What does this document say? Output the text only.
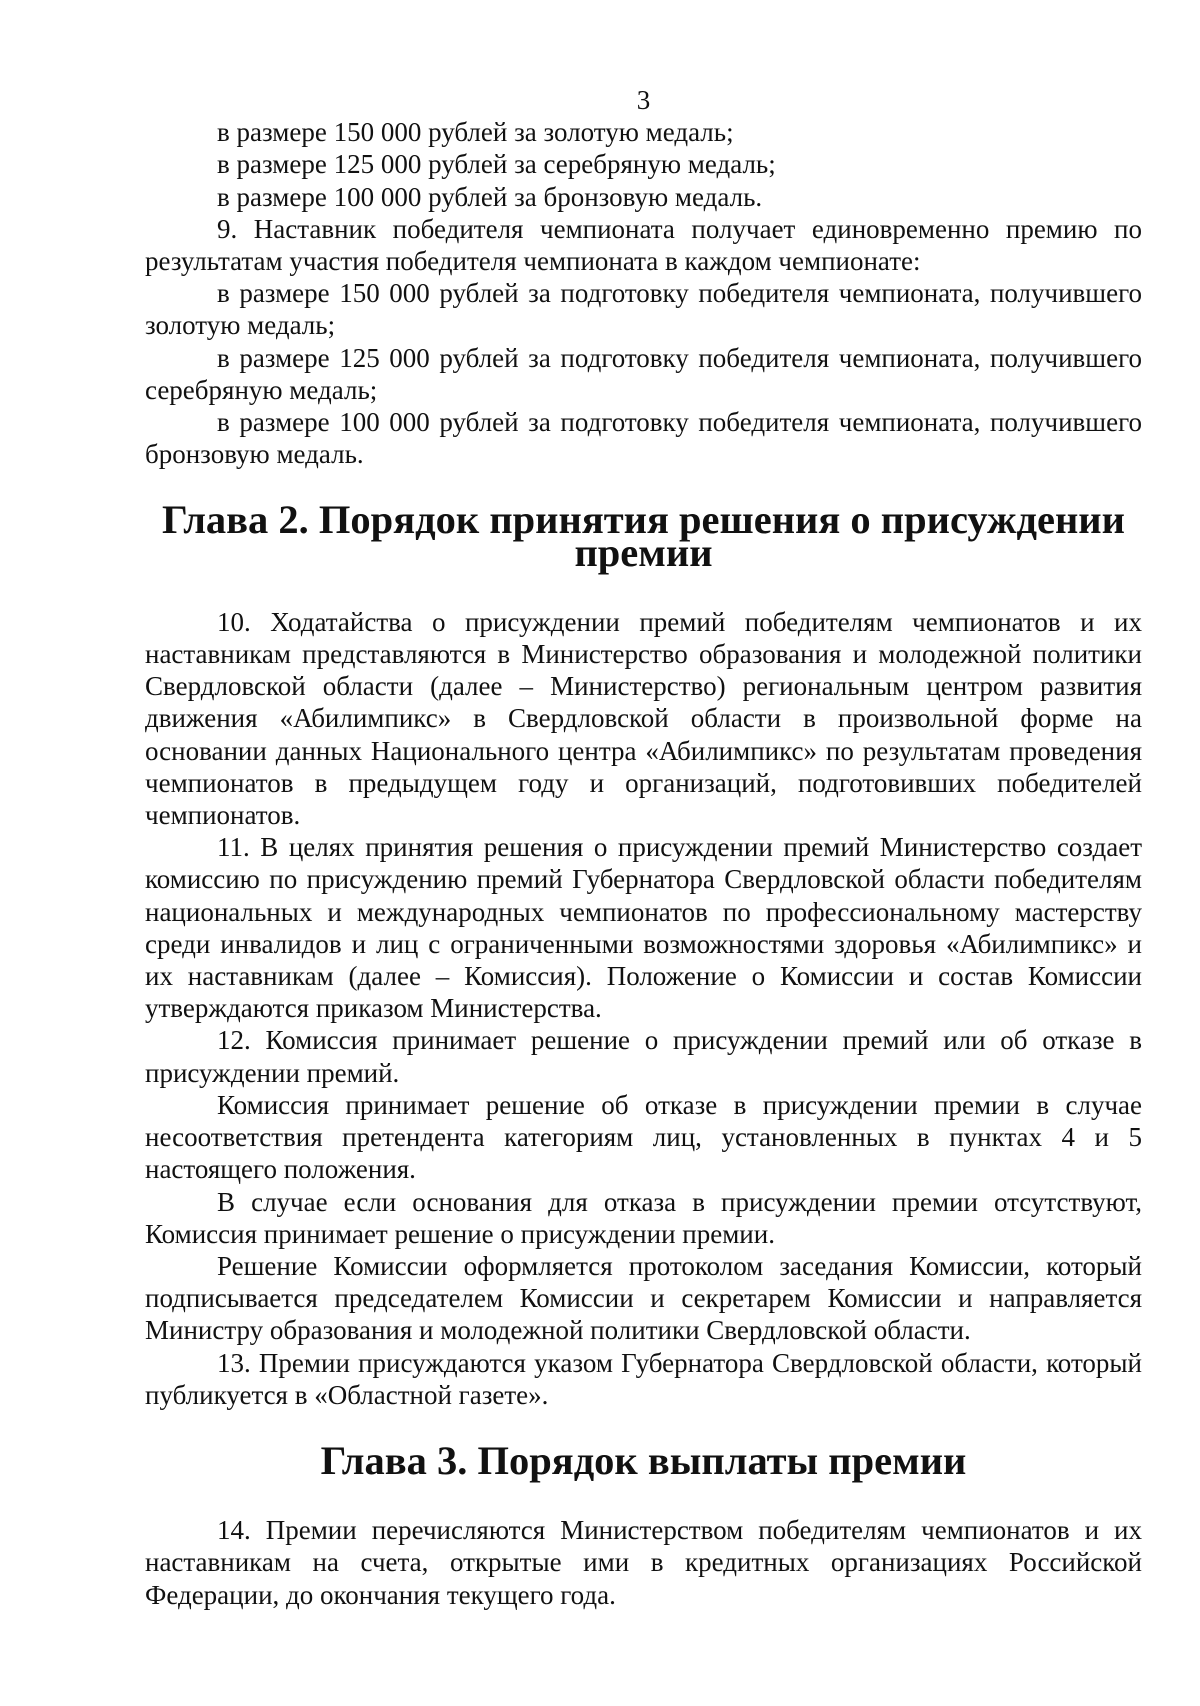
3

в размере 150 000 рублей за золотую медаль;

в размере 125 000 рублей за серебряную медаль;

в размере 100 000 рублей за бронзовую медаль.

9. Наставник победителя чемпионата получает единовременно премию по результатам участия победителя чемпионата в каждом чемпионате:

в размере 150 000 рублей за подготовку победителя чемпионата, получившего золотую медаль;

в размере 125 000 рублей за подготовку победителя чемпионата, получившего серебряную медаль;

в размере 100 000 рублей за подготовку победителя чемпионата, получившего бронзовую медаль.

Глава 2. Порядок принятия решения о присуждении премии

10. Ходатайства о присуждении премий победителям чемпионатов и их наставникам представляются в Министерство образования и молодежной политики Свердловской области (далее – Министерство) региональным центром развития движения «Абилимпикс» в Свердловской области в произвольной форме на основании данных Национального центра «Абилимпикс» по результатам проведения чемпионатов в предыдущем году и организаций, подготовивших победителей чемпионатов.

11. В целях принятия решения о присуждении премий Министерство создает комиссию по присуждению премий Губернатора Свердловской области победителям национальных и международных чемпионатов по профессиональному мастерству среди инвалидов и лиц с ограниченными возможностями здоровья «Абилимпикс» и их наставникам (далее – Комиссия). Положение о Комиссии и состав Комиссии утверждаются приказом Министерства.

12. Комиссия принимает решение о присуждении премий или об отказе в присуждении премий.

Комиссия принимает решение об отказе в присуждении премии в случае несоответствия претендента категориям лиц, установленных в пунктах 4 и 5 настоящего положения.

В случае если основания для отказа в присуждении премии отсутствуют, Комиссия принимает решение о присуждении премии.

Решение Комиссии оформляется протоколом заседания Комиссии, который подписывается председателем Комиссии и секретарем Комиссии и направляется Министру образования и молодежной политики Свердловской области.

13. Премии присуждаются указом Губернатора Свердловской области, который публикуется в «Областной газете».

Глава 3. Порядок выплаты премии

14. Премии перечисляются Министерством победителям чемпионатов и их наставникам на счета, открытые ими в кредитных организациях Российской Федерации, до окончания текущего года.
